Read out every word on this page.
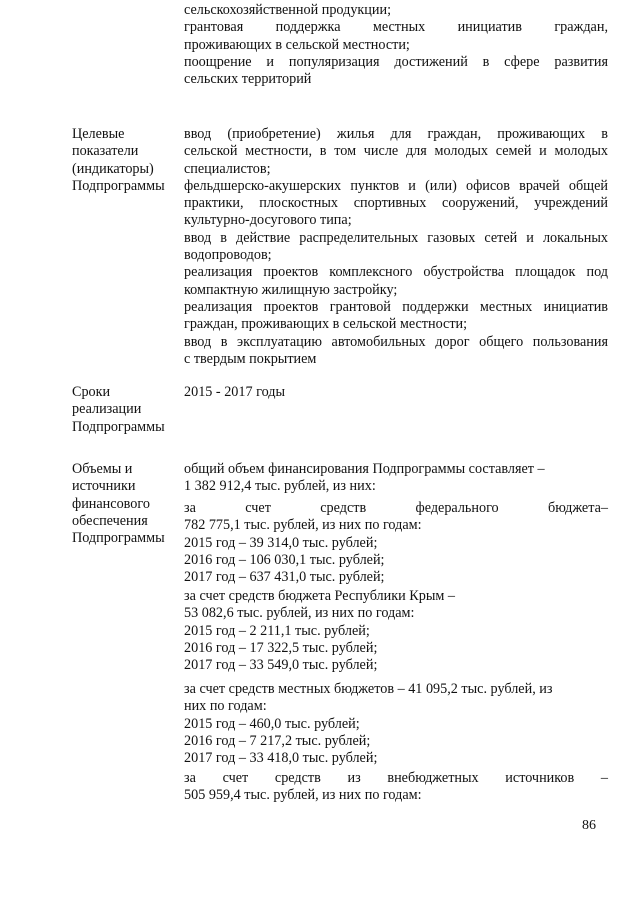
сельскохозяйственной продукции;
грантовая поддержка местных инициатив граждан,
проживающих в сельской местности;
поощрение и популяризация достижений в сфере развития
сельских территорий
Целевые
показатели
(индикаторы)
Подпрограммы
ввод (приобретение) жилья для граждан, проживающих в
сельской местности, в том числе для молодых семей и молодых
специалистов;
фельдшерско-акушерских пунктов и (или) офисов врачей общей
практики, плоскостных спортивных сооружений, учреждений
культурно-досугового типа;
ввод в действие распределительных газовых сетей и локальных
водопроводов;
реализация проектов комплексного обустройства площадок под
компактную жилищную застройку;
реализация проектов грантовой поддержки местных инициатив
граждан, проживающих в сельской местности;
ввод в эксплуатацию автомобильных дорог общего пользования
с твердым покрытием
Сроки
реализации
Подпрограммы
2015 - 2017 годы
Объемы и
источники
финансового
обеспечения
Подпрограммы
общий объем финансирования Подпрограммы составляет –
1 382 912,4 тыс. рублей, из них:
за счет средств федерального бюджета–
782 775,1 тыс. рублей, из них по годам:
2015 год – 39 314,0 тыс. рублей;
2016 год – 106 030,1 тыс. рублей;
2017 год – 637 431,0 тыс. рублей;
за счет средств бюджета Республики Крым –
53 082,6 тыс. рублей, из них по годам:
2015 год – 2 211,1 тыс. рублей;
2016 год – 17 322,5 тыс. рублей;
2017 год – 33 549,0 тыс. рублей;
за счет средств местных бюджетов – 41 095,2 тыс. рублей, из
них по годам:
2015 год – 460,0 тыс. рублей;
2016 год – 7 217,2 тыс. рублей;
2017 год – 33 418,0 тыс. рублей;
за счет средств из внебюджетных источников –
505 959,4 тыс. рублей, из них по годам:
86
